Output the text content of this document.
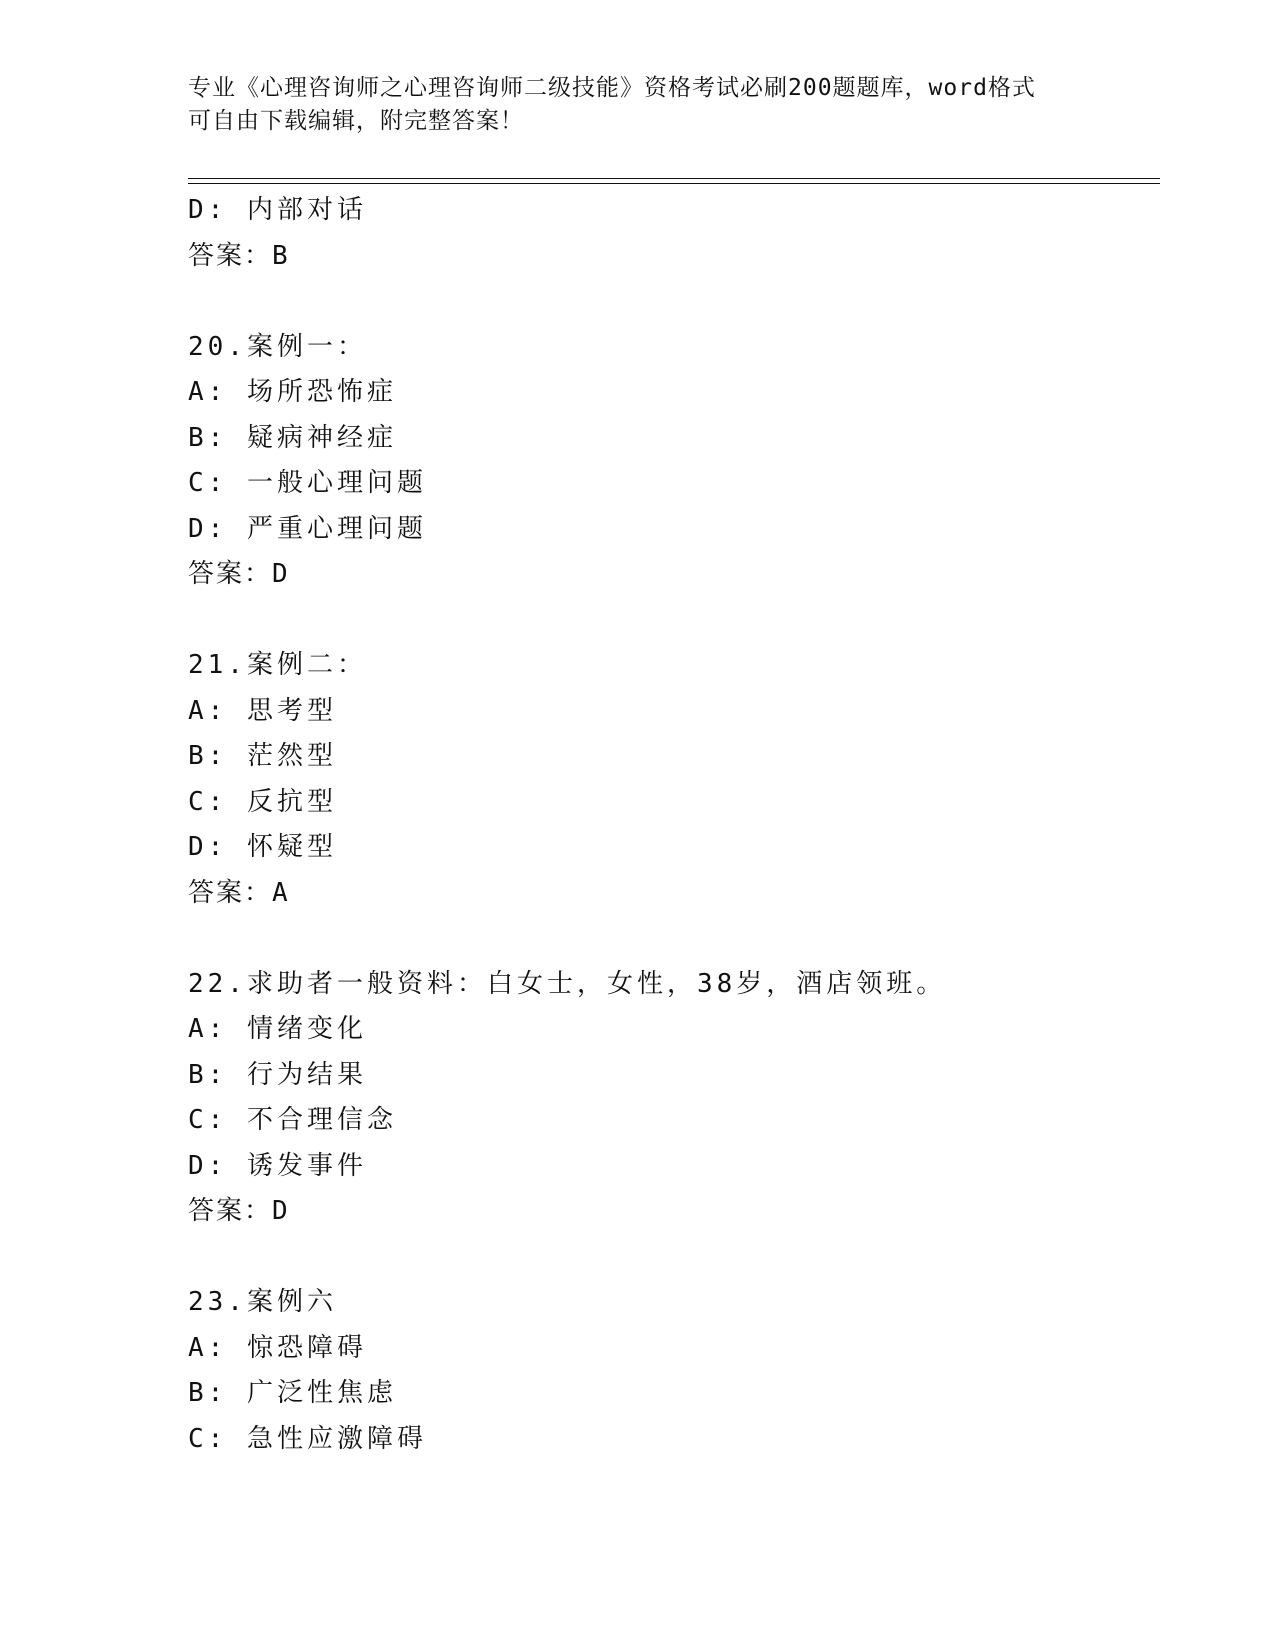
专业《心理咨询师之心理咨询师二级技能》资格考试必刷200题题库，word格式
可自由下载编辑，附完整答案！
D: 内部对话
答案：B
20.案例一：
A: 场所恐怖症
B: 疑病神经症
C: 一般心理问题
D: 严重心理问题
答案：D
21.案例二：
A: 思考型
B: 茫然型
C: 反抗型
D: 怀疑型
答案：A
22.求助者一般资料：白女士，女性，38岁，酒店领班。
A: 情绪变化
B: 行为结果
C: 不合理信念
D: 诱发事件
答案：D
23.案例六
A: 惊恐障碍
B: 广泛性焦虑
C: 急性应激障碍
